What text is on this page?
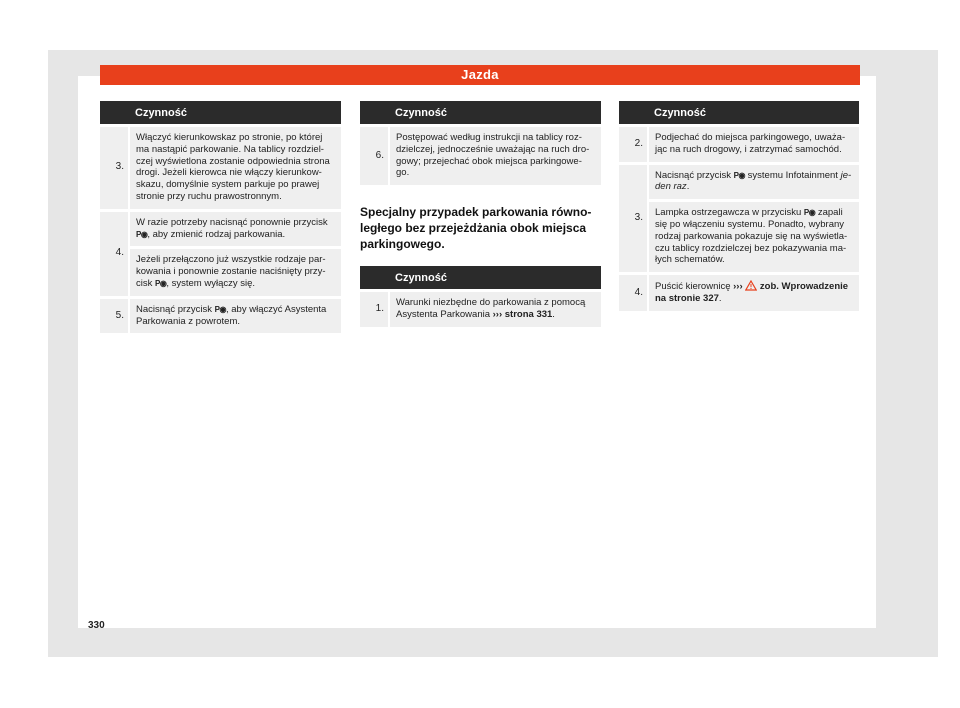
Jazda
	Czynność
3.	Włączyć kierunkowskaz po stronie, po której ma nastąpić parkowanie. Na tablicy rozdziel-czej wyświetlona zostanie odpowiednia strona drogi. Jeżeli kierowca nie włączy kierunkow-skazu, domyślnie system parkuje po prawej stronie przy ruchu prawostronnym.
4.	W razie potrzeby nacisnąć ponownie przycisk P◉, aby zmienić rodzaj parkowania.

Jeżeli przełączono już wszystkie rodzaje par-kowania i ponownie zostanie naciśnięty przy-cisk P◉, system wyłączy się.

5.	Nacisnąć przycisk P◉, aby włączyć Asystenta Parkowania z powrotem.
	Czynność
6.	Postępować według instrukcji na tablicy roz-dzielczej, jednocześnie uważając na ruch dro-gowy; przejechać obok miejsca parkingowe-go.
Specjalny przypadek parkowania równo-ległego bez przejeżdżania obok miejsca parkingowego.
	Czynność
1.	Warunki niezbędne do parkowania z pomocą Asystenta Parkowania ››› strona 331.
	Czynność
2.	Podjechać do miejsca parkingowego, uważa-jąc na ruch drogowy, i zatrzymać samochód.
3.	Nacisnąć przycisk P◉ systemu Infotainment je-den raz.

Lampka ostrzegawcza w przycisku P◉ zapali się po włączeniu systemu. Ponadto, wybrany rodzaj parkowania pokazuje się na wyświetla-czu tablicy rozdzielczej bez pokazywania ma-łych schematów.

4.	Puścić kierownicę ››› zob. Wprowadzenie na stronie 327.
330
